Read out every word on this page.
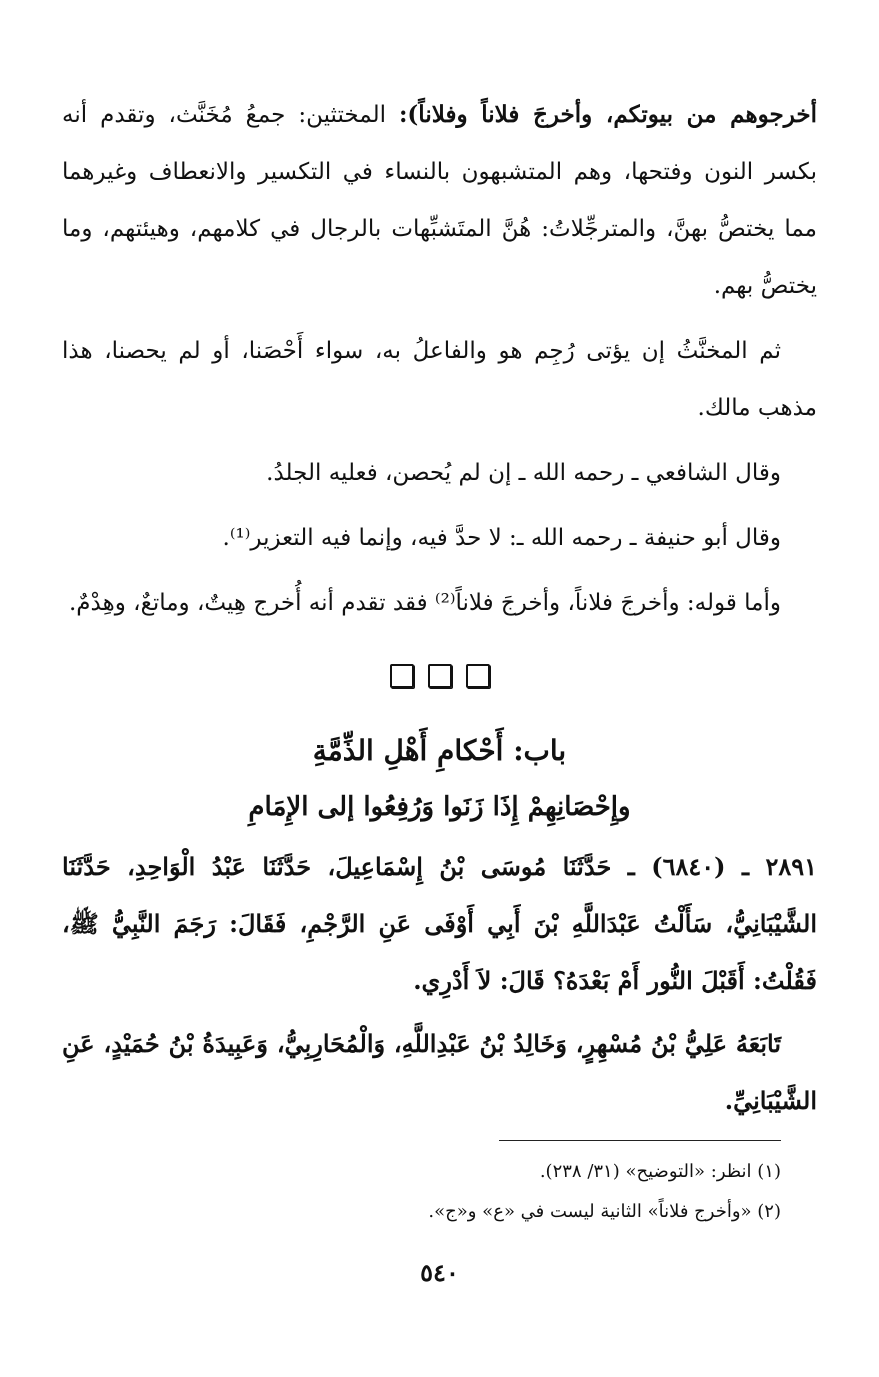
أخرجوهم من بيوتكم، وأخرجَ فلاناً وفلاناً): المختثين: جمعُ مُخَنَّث، وتقدم أنه بكسر النون وفتحها، وهم المتشبهون بالنساء في التكسير والانعطاف وغيرهما مما يختصُّ بهنَّ، والمترجِّلاتُ: هُنَّ المتَشبِّهات بالرجال في كلامهم، وهيئتهم، وما يختصُّ بهم.

ثم المخنَّثُ إن يؤتى رُجِم هو والفاعلُ به، سواء أَحْصَنا، أو لم يحصنا، هذا مذهب مالك.

وقال الشافعي ـ رحمه الله ـ إن لم يُحصن، فعليه الجلدُ.

وقال أبو حنيفة ـ رحمه الله ـ: لا حدَّ فيه، وإنما فيه التعزير⁽¹⁾.

وأما قوله: وأخرجَ فلاناً، وأخرجَ فلاناً⁽²⁾ فقد تقدم أنه أُخرج هِيتٌ، وماتعٌ، وهِدْمٌ.

باب: أَحْكامِ أَهْلِ الذِّمَّةِ
وإِحْصَانِهِمْ إِذَا زَنَوا وَرُفِعُوا إلى الإِمَامِ

٢٨٩١ ـ (٦٨٤٠) ـ حَدَّثَنَا مُوسَى بْنُ إِسْمَاعِيلَ، حَدَّثَنَا عَبْدُ الْوَاحِدِ، حَدَّثَنَا الشَّيْبَانِيُّ، سَأَلْتُ عَبْدَاللَّهِ بْنَ أَبِي أَوْفَى عَنِ الرَّجْمِ، فَقَالَ: رَجَمَ النَّبِيُّ ﷺ، فَقُلْتُ: أَقَبْلَ النُّور أَمْ بَعْدَهُ؟ قَالَ: لاَ أَدْرِي.

تَابَعَهُ عَلِيُّ بْنُ مُسْهِرٍ، وَخَالِدُ بْنُ عَبْدِاللَّهِ، وَالْمُحَارِبِيُّ، وَعَبِيدَةُ بْنُ حُمَيْدٍ، عَنِ الشَّيْبَانِيِّ.

(١) انظر: «التوضيح» (٣١/ ٢٣٨).

(٢) «وأخرج فلاناً» الثانية ليست في «ع» و«ج».

٥٤٠
